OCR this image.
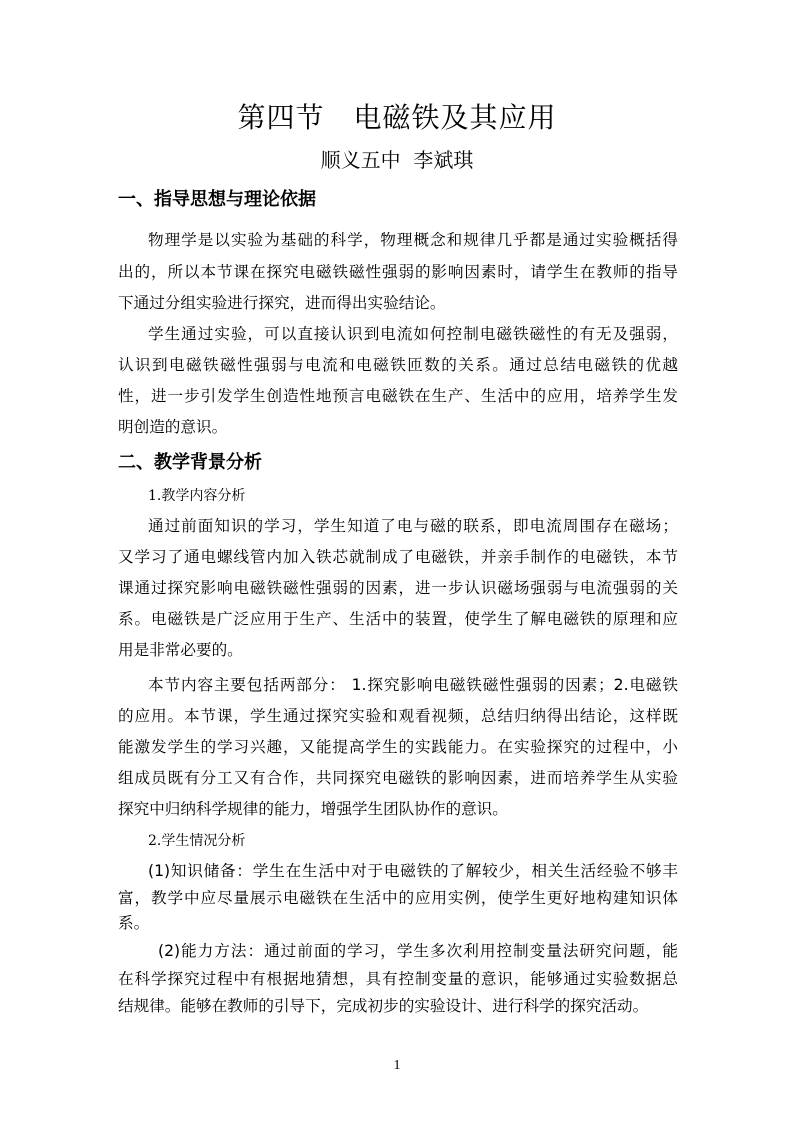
第四节　电磁铁及其应用
顺义五中  李斌琪
一、指导思想与理论依据
物理学是以实验为基础的科学，物理概念和规律几乎都是通过实验概括得
出的，所以本节课在探究电磁铁磁性强弱的影响因素时，请学生在教师的指导
下通过分组实验进行探究，进而得出实验结论。
学生通过实验，可以直接认识到电流如何控制电磁铁磁性的有无及强弱，
认识到电磁铁磁性强弱与电流和电磁铁匝数的关系。通过总结电磁铁的优越
性，进一步引发学生创造性地预言电磁铁在生产、生活中的应用，培养学生发
明创造的意识。
二、教学背景分析
1.教学内容分析
通过前面知识的学习，学生知道了电与磁的联系，即电流周围存在磁场；
又学习了通电螺线管内加入铁芯就制成了电磁铁，并亲手制作的电磁铁，本节
课通过探究影响电磁铁磁性强弱的因素，进一步认识磁场强弱与电流强弱的关
系。电磁铁是广泛应用于生产、生活中的装置，使学生了解电磁铁的原理和应
用是非常必要的。
本节内容主要包括两部分： 1.探究影响电磁铁磁性强弱的因素；2.电磁铁
的应用。本节课，学生通过探究实验和观看视频，总结归纳得出结论，这样既
能激发学生的学习兴趣，又能提高学生的实践能力。在实验探究的过程中，小
组成员既有分工又有合作，共同探究电磁铁的影响因素，进而培养学生从实验
探究中归纳科学规律的能力，增强学生团队协作的意识。
2.学生情况分析
(1)知识储备：学生在生活中对于电磁铁的了解较少，相关生活经验不够丰
富，教学中应尽量展示电磁铁在生活中的应用实例，使学生更好地构建知识体
系。
(2)能力方法：通过前面的学习，学生多次利用控制变量法研究问题，能
在科学探究过程中有根据地猜想，具有控制变量的意识，能够通过实验数据总
结规律。能够在教师的引导下，完成初步的实验设计、进行科学的探究活动。
1
